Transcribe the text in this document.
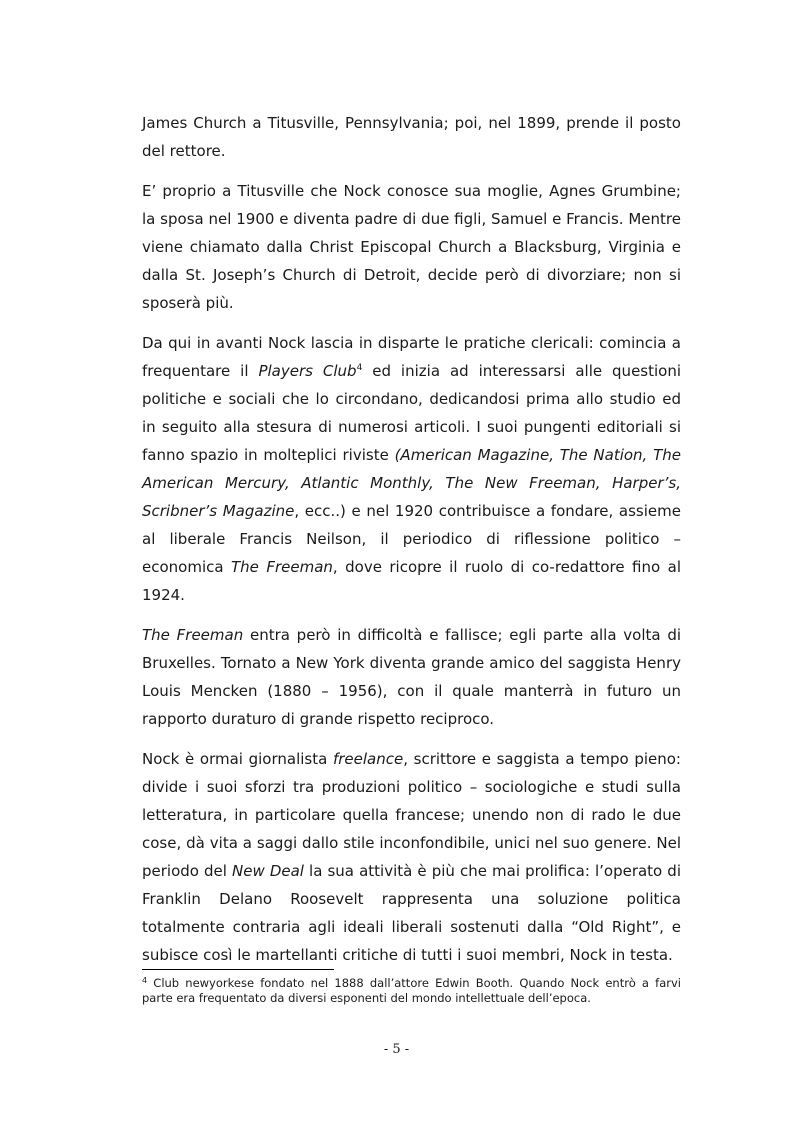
James Church a Titusville, Pennsylvania; poi, nel 1899, prende il posto del rettore.

E’ proprio a Titusville che Nock conosce sua moglie, Agnes Grumbine; la sposa nel 1900 e diventa padre di due figli, Samuel e Francis. Mentre viene chiamato dalla Christ Episcopal Church a Blacksburg, Virginia e dalla St. Joseph’s Church di Detroit, decide però di divorziare; non si sposerà più.

Da qui in avanti Nock lascia in disparte le pratiche clericali: comincia a frequentare il Players Club$^4$ ed inizia ad interessarsi alle questioni politiche e sociali che lo circondano, dedicandosi prima allo studio ed in seguito alla stesura di numerosi articoli. I suoi pungenti editoriali si fanno spazio in molteplici riviste (American Magazine, The Nation, The American Mercury, Atlantic Monthly, The New Freeman, Harper’s, Scribner’s Magazine, ecc..) e nel 1920 contribuisce a fondare, assieme al liberale Francis Neilson, il periodico di riflessione politico – economica The Freeman, dove ricopre il ruolo di co-redattore fino al 1924.

The Freeman entra però in difficoltà e fallisce; egli parte alla volta di Bruxelles. Tornato a New York diventa grande amico del saggista Henry Louis Mencken (1880 – 1956), con il quale manterrà in futuro un rapporto duraturo di grande rispetto reciproco.

Nock è ormai giornalista freelance, scrittore e saggista a tempo pieno: divide i suoi sforzi tra produzioni politico – sociologiche e studi sulla letteratura, in particolare quella francese; unendo non di rado le due cose, dà vita a saggi dallo stile inconfondibile, unici nel suo genere. Nel periodo del New Deal la sua attività è più che mai prolifica: l’operato di Franklin Delano Roosevelt rappresenta una soluzione politica totalmente contraria agli ideali liberali sostenuti dalla “Old Right”, e subisce così le martellanti critiche di tutti i suoi membri, Nock in testa.

$^4$ Club newyorkese fondato nel 1888 dall’attore Edwin Booth. Quando Nock entrò a farvi parte era frequentato da diversi esponenti del mondo intellettuale dell’epoca.
- 5 -
